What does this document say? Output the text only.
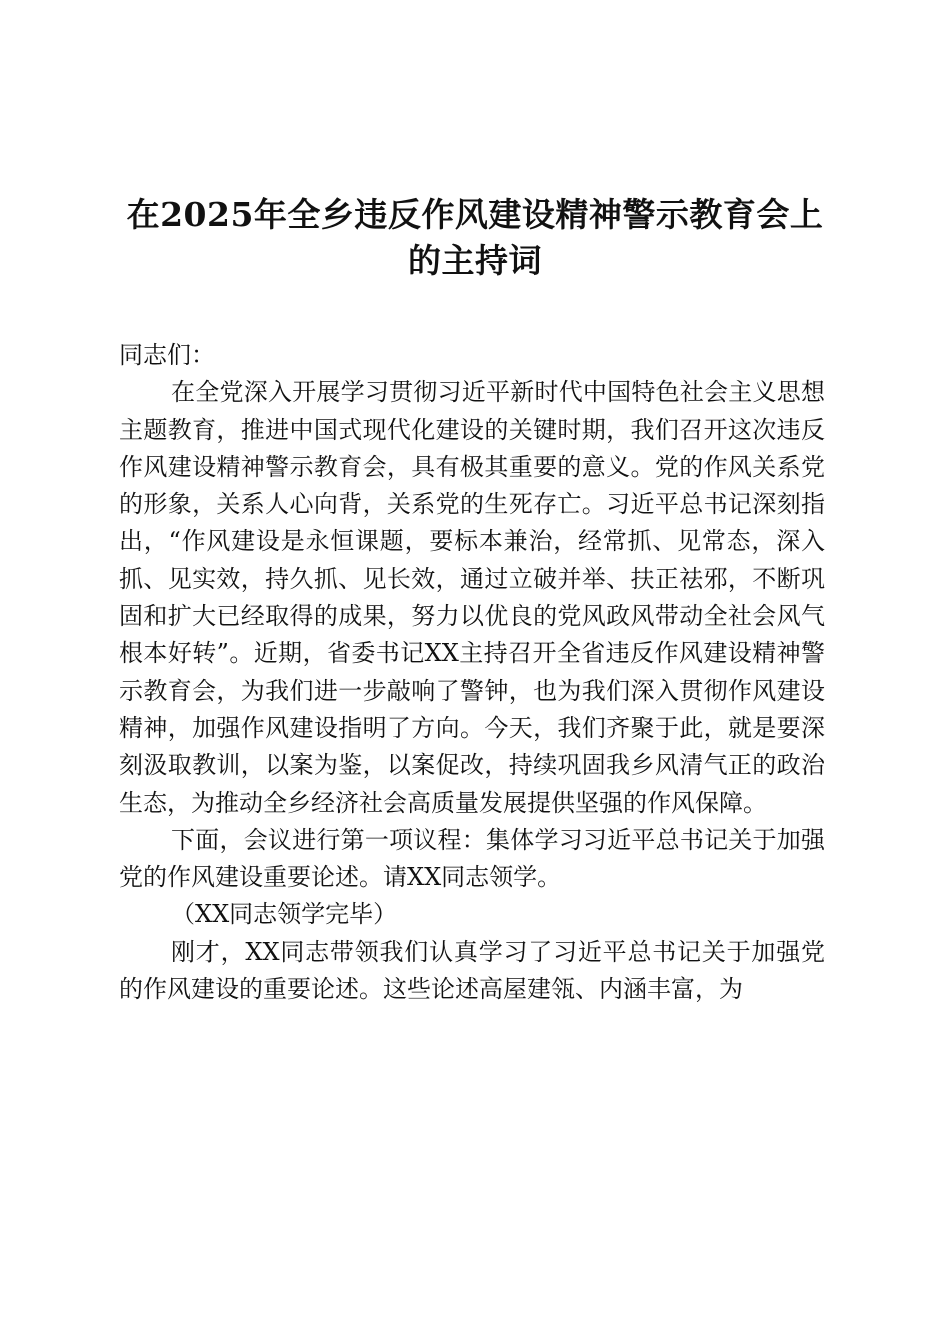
在2025年全乡违反作风建设精神警示教育会上的主持词

同志们：

在全党深入开展学习贯彻习近平新时代中国特色社会主义思想主题教育，推进中国式现代化建设的关键时期，我们召开这次违反作风建设精神警示教育会，具有极其重要的意义。党的作风关系党的形象，关系人心向背，关系党的生死存亡。习近平总书记深刻指出，“作风建设是永恒课题，要标本兼治，经常抓、见常态，深入抓、见实效，持久抓、见长效，通过立破并举、扶正祛邪，不断巩固和扩大已经取得的成果，努力以优良的党风政风带动全社会风气根本好转”。近期，省委书记XX主持召开全省违反作风建设精神警示教育会，为我们进一步敲响了警钟，也为我们深入贯彻作风建设精神，加强作风建设指明了方向。今天，我们齐聚于此，就是要深刻汲取教训，以案为鉴，以案促改，持续巩固我乡风清气正的政治生态，为推动全乡经济社会高质量发展提供坚强的作风保障。

下面，会议进行第一项议程：集体学习习近平总书记关于加强党的作风建设重要论述。请XX同志领学。

（XX同志领学完毕）

刚才，XX同志带领我们认真学习了习近平总书记关于加强党的作风建设的重要论述。这些论述高屋建瓴、内涵丰富，为
